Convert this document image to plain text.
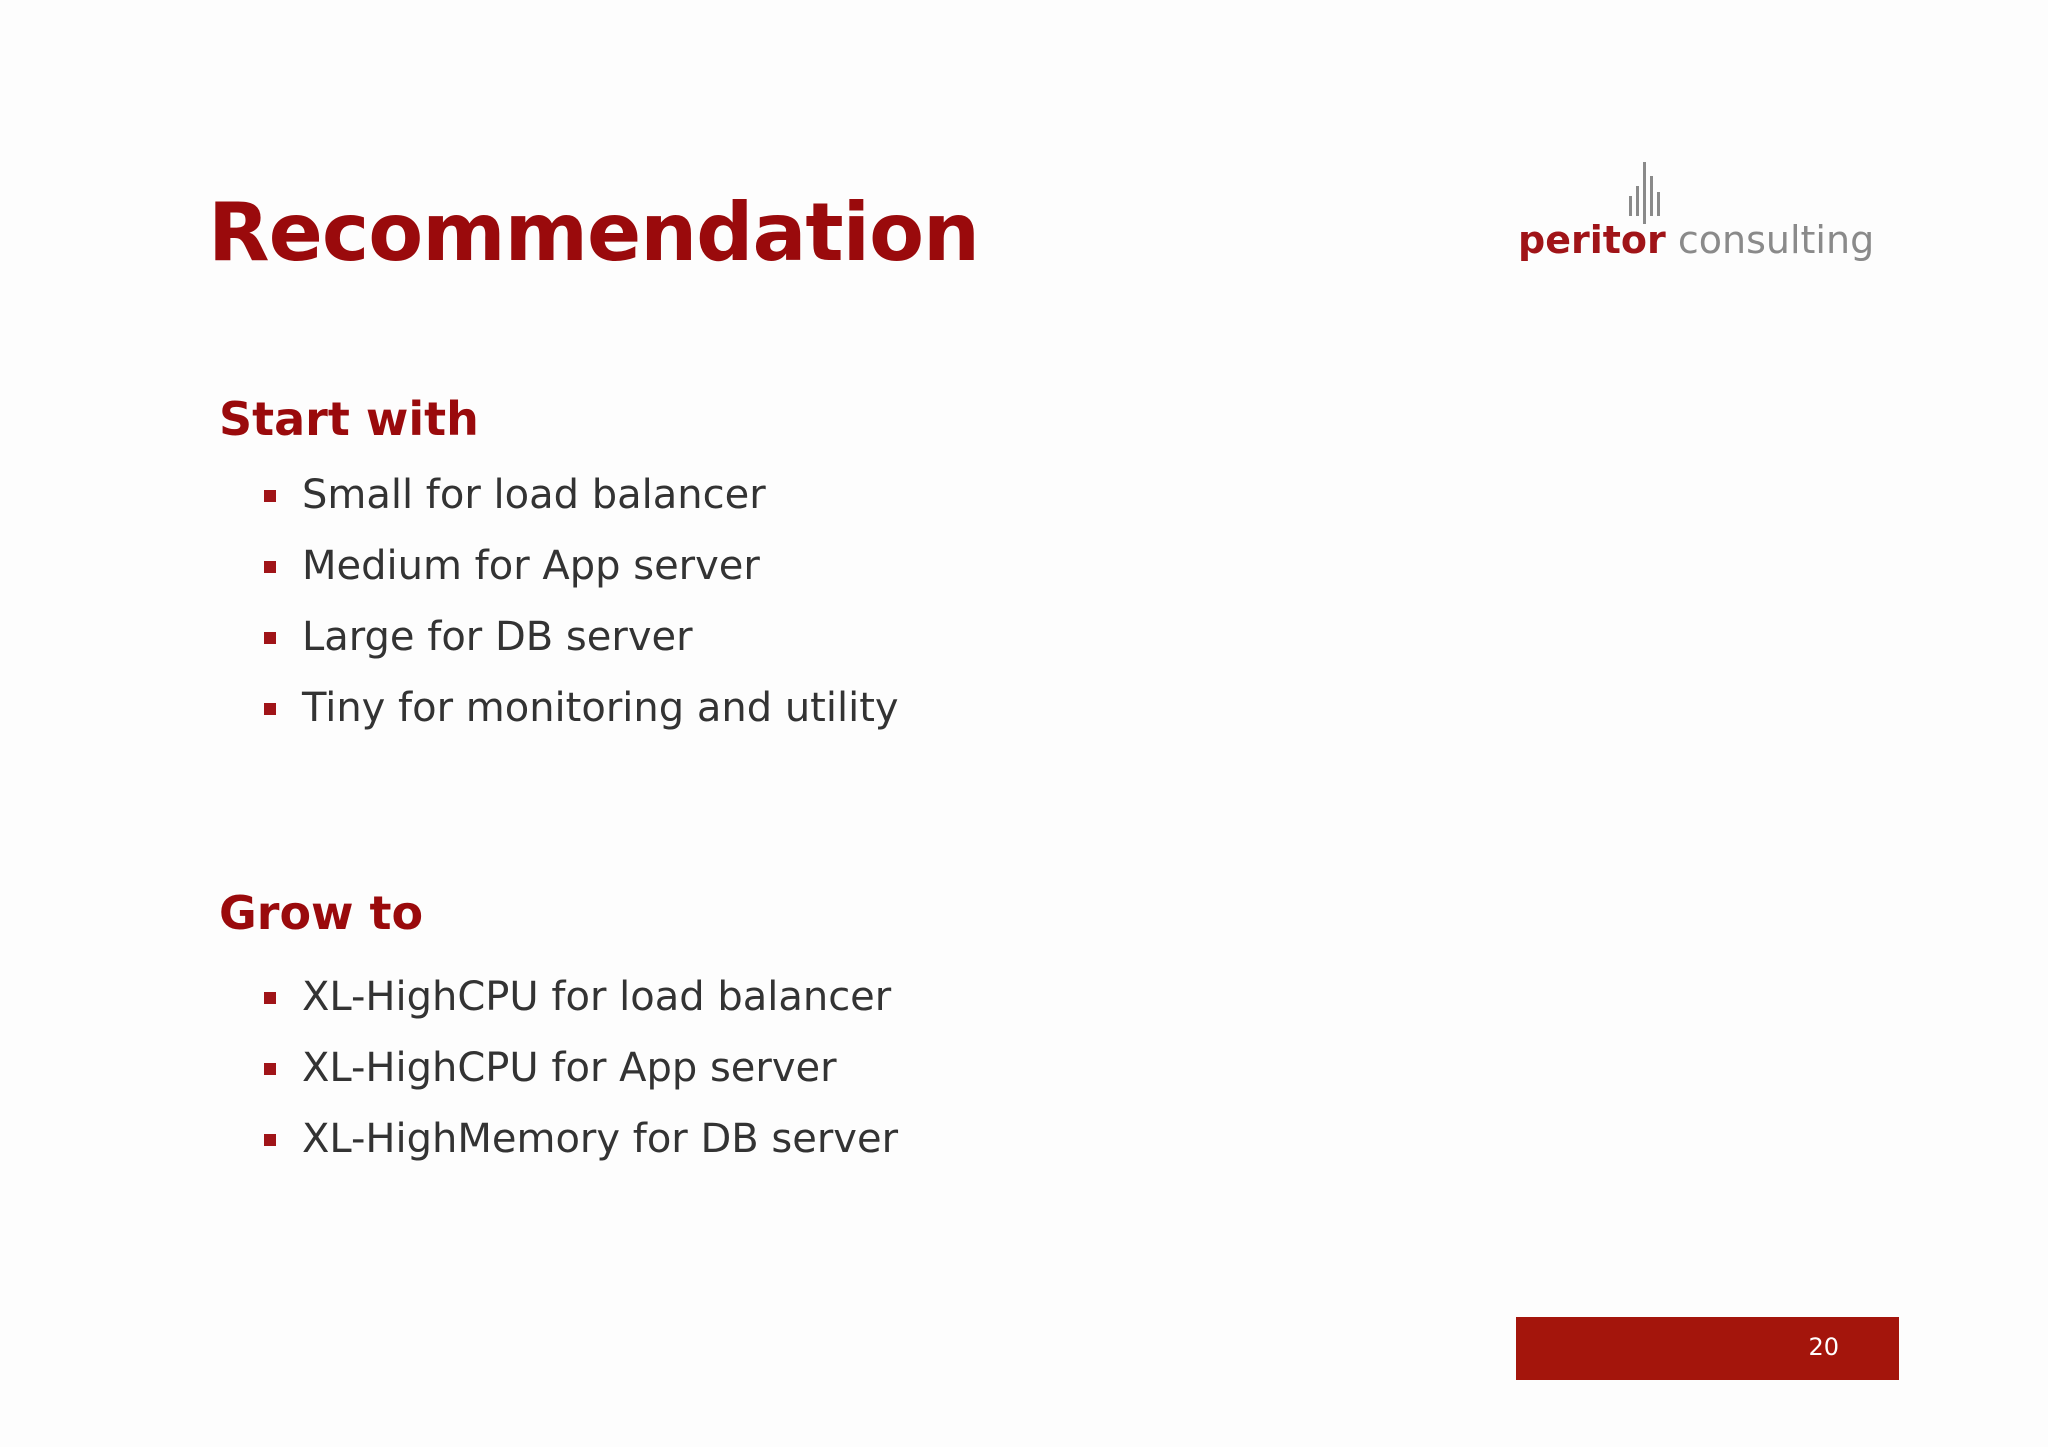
Recommendation	peritor consulting
Start with
Small for load balancer
Medium for App server
Large for DB server
Tiny for monitoring and utility
Grow to
XL-HighCPU for load balancer
XL-HighCPU for App server
XL-HighMemory for DB server
20
